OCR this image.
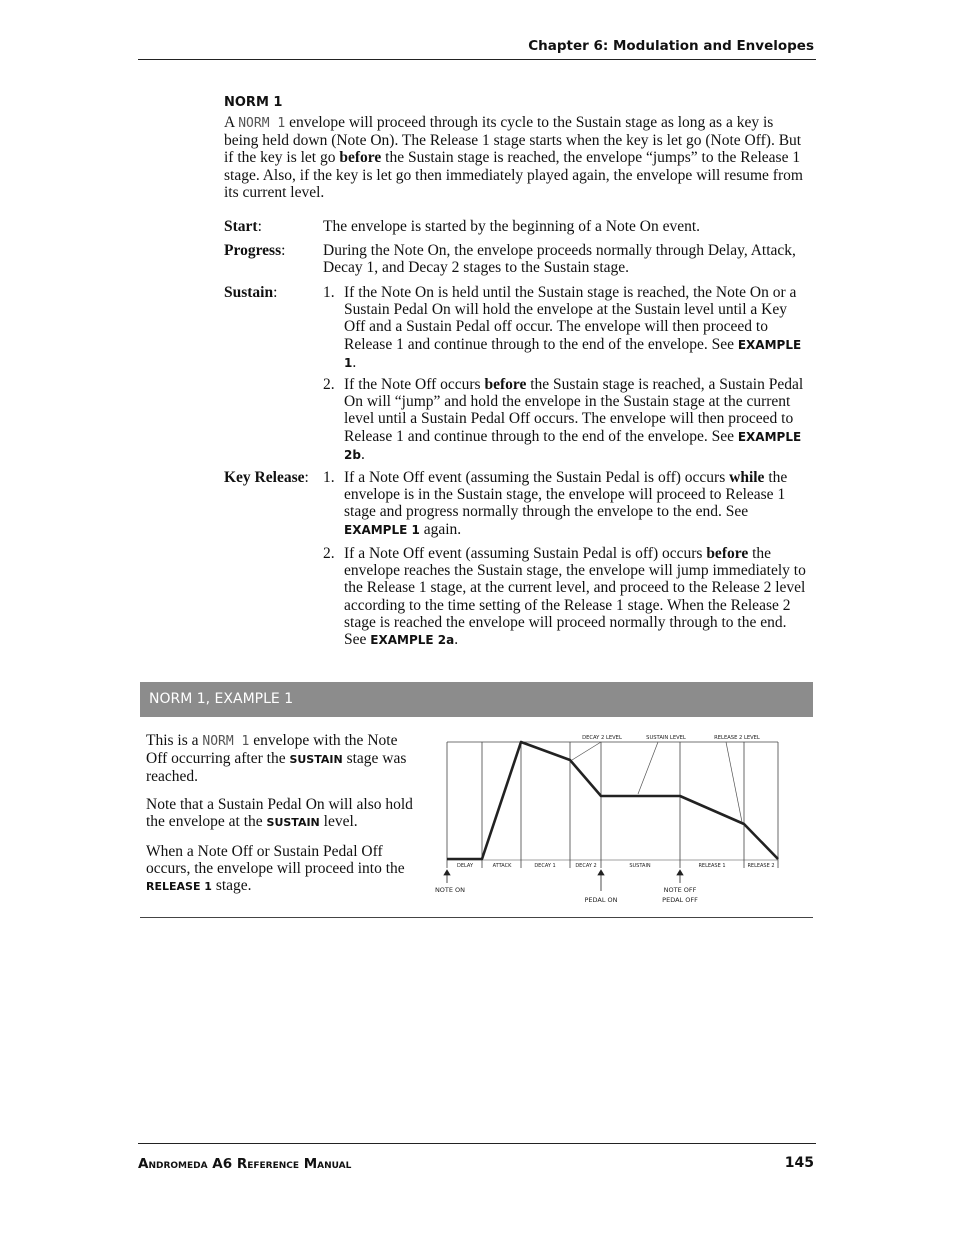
Chapter 6: Modulation and Envelopes
NORM 1
A NORM 1 envelope will proceed through its cycle to the Sustain stage as long as a key is being held down (Note On). The Release 1 stage starts when the key is let go (Note Off). But if the key is let go before the Sustain stage is reached, the envelope “jumps” to the Release 1 stage. Also, if the key is let go then immediately played again, the envelope will resume from its current level.
Start:	The envelope is started by the beginning of a Note On event.
Progress: During the Note On, the envelope proceeds normally through Delay, Attack, Decay 1, and Decay 2 stages to the Sustain stage.
Sustain:	1. If the Note On is held until the Sustain stage is reached, the Note On or a Sustain Pedal On will hold the envelope at the Sustain level until a Key Off and a Sustain Pedal off occur. The envelope will then proceed to Release 1 and continue through to the end of the envelope. See EXAMPLE 1.
2. If the Note Off occurs before the Sustain stage is reached, a Sustain Pedal On will “jump” and hold the envelope in the Sustain stage at the current level until a Sustain Pedal Off occurs. The envelope will then proceed to Release 1 and continue through to the end of the envelope. See EXAMPLE 2b.
Key Release: 1. If a Note Off event (assuming the Sustain Pedal is off) occurs while the envelope is in the Sustain stage, the envelope will proceed to Release 1 stage and progress normally through the envelope to the end. See EXAMPLE 1 again.
2. If a Note Off event (assuming Sustain Pedal is off) occurs before the envelope reaches the Sustain stage, the envelope will jump immediately to the Release 1 stage, at the current level, and proceed to the Release 2 level according to the time setting of the Release 1 stage. When the Release 2 stage is reached the envelope will proceed normally through to the end. See EXAMPLE 2a.
NORM 1, EXAMPLE 1
This is a NORM 1 envelope with the Note Off occurring after the SUSTAIN stage was reached.
Note that a Sustain Pedal On will also hold the envelope at the SUSTAIN level.
When a Note Off or Sustain Pedal Off occurs, the envelope will proceed into the RELEASE 1 stage.
DECAY 2 LEVEL	SUSTAIN LEVEL	RELEASE 2 LEVEL
DELAY	ATTACK	DECAY 1	DECAY 2	SUSTAIN	RELEASE 1	RELEASE 2
NOTE ON
PEDAL ON
NOTE OFF
PEDAL OFF
Andromeda A6 Reference Manual	145
